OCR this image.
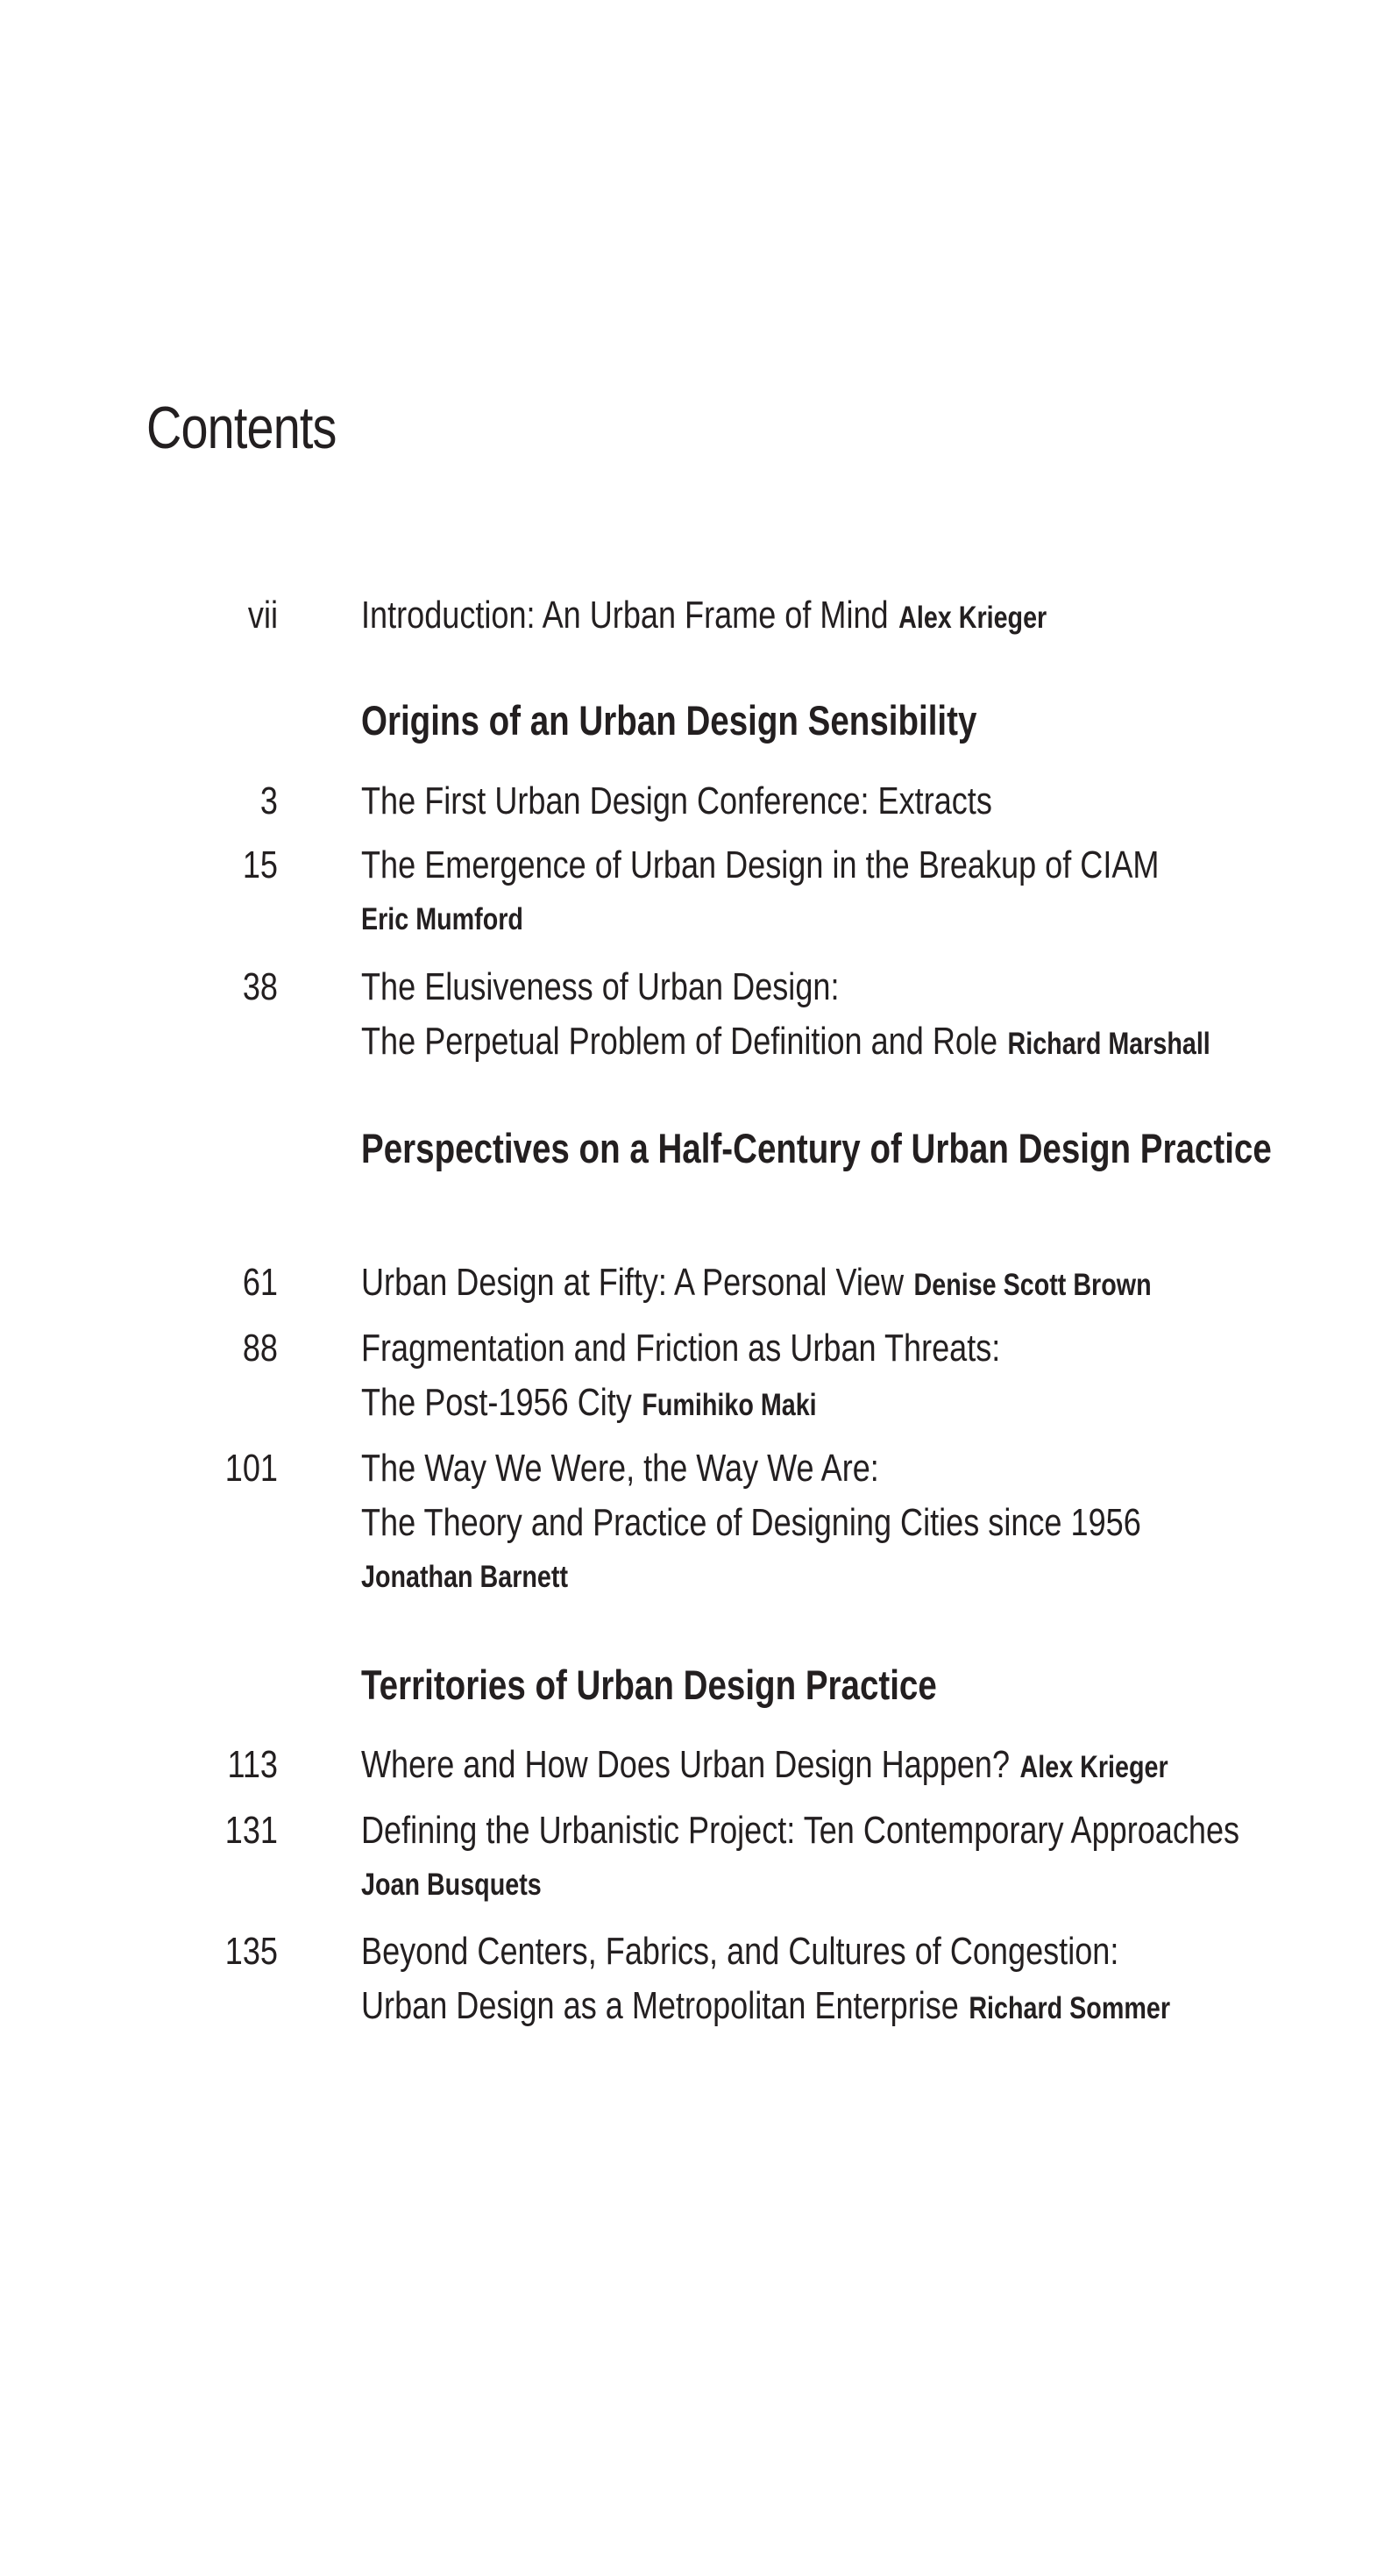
Contents
vii Introduction: An Urban Frame of Mind Alex Krieger
Origins of an Urban Design Sensibility
3 The First Urban Design Conference: Extracts
15 The Emergence of Urban Design in the Breakup of CIAM
Eric Mumford
38 The Elusiveness of Urban Design:
The Perpetual Problem of Definition and Role Richard Marshall
Perspectives on a Half-Century of Urban Design Practice
61 Urban Design at Fifty: A Personal View Denise Scott Brown
88 Fragmentation and Friction as Urban Threats:
The Post-1956 City Fumihiko Maki
101 The Way We Were, the Way We Are:
The Theory and Practice of Designing Cities since 1956
Jonathan Barnett
Territories of Urban Design Practice
113 Where and How Does Urban Design Happen? Alex Krieger
131 Defining the Urbanistic Project: Ten Contemporary Approaches
Joan Busquets
135 Beyond Centers, Fabrics, and Cultures of Congestion:
Urban Design as a Metropolitan Enterprise Richard Sommer
